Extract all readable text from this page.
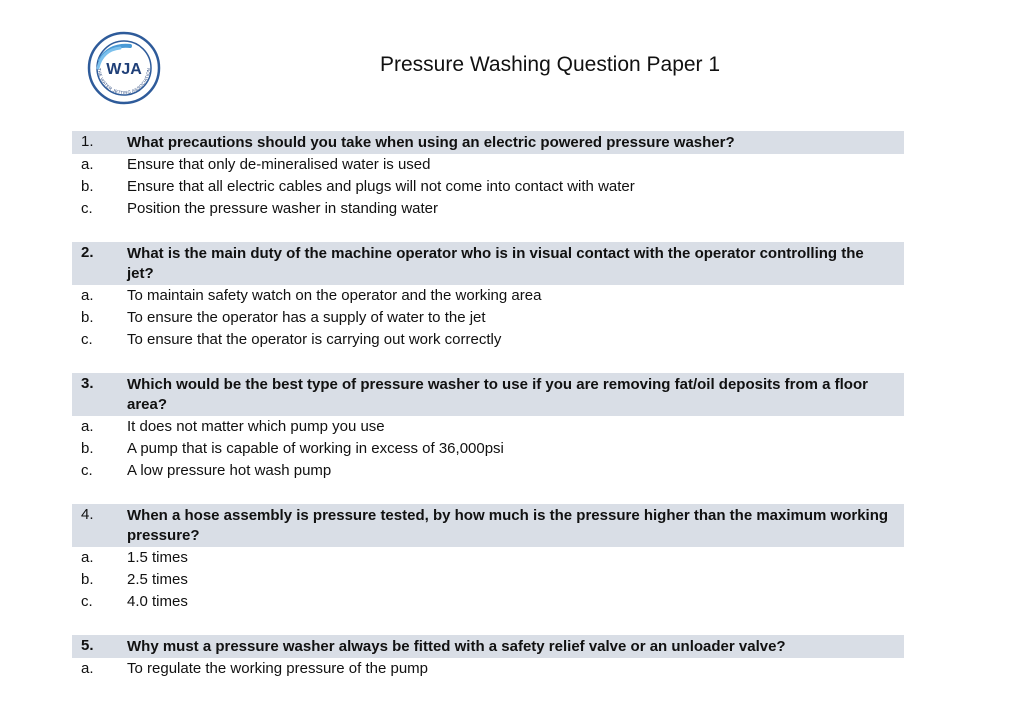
WJA
THE WATER JETTING ASSOCIATION	Pressure Washing Question Paper 1
1.	What precautions should you take when using an electric powered pressure washer?
a.	Ensure that only de-mineralised water is used
b.	Ensure that all electric cables and plugs will not come into contact with water
c.	Position the pressure washer in standing water
2.	What is the main duty of the machine operator who is in visual contact with the operator controlling the jet?
a.	To maintain safety watch on the operator and the working area
b.	To ensure the operator has a supply of water to the jet
c.	To ensure that the operator is carrying out work correctly
3.	Which would be the best type of pressure washer to use if you are removing fat/oil deposits from a floor area?
a.	It does not matter which pump you use
b.	A pump that is capable of working in excess of 36,000psi
c.	A low pressure hot wash pump
4.	When a hose assembly is pressure tested, by how much is the pressure higher than the maximum working pressure?
a.	1.5 times
b.	2.5 times
c.	4.0 times
5.	Why must a pressure washer always be fitted with a safety relief valve or an unloader valve?
a.	To regulate the working pressure of the pump
